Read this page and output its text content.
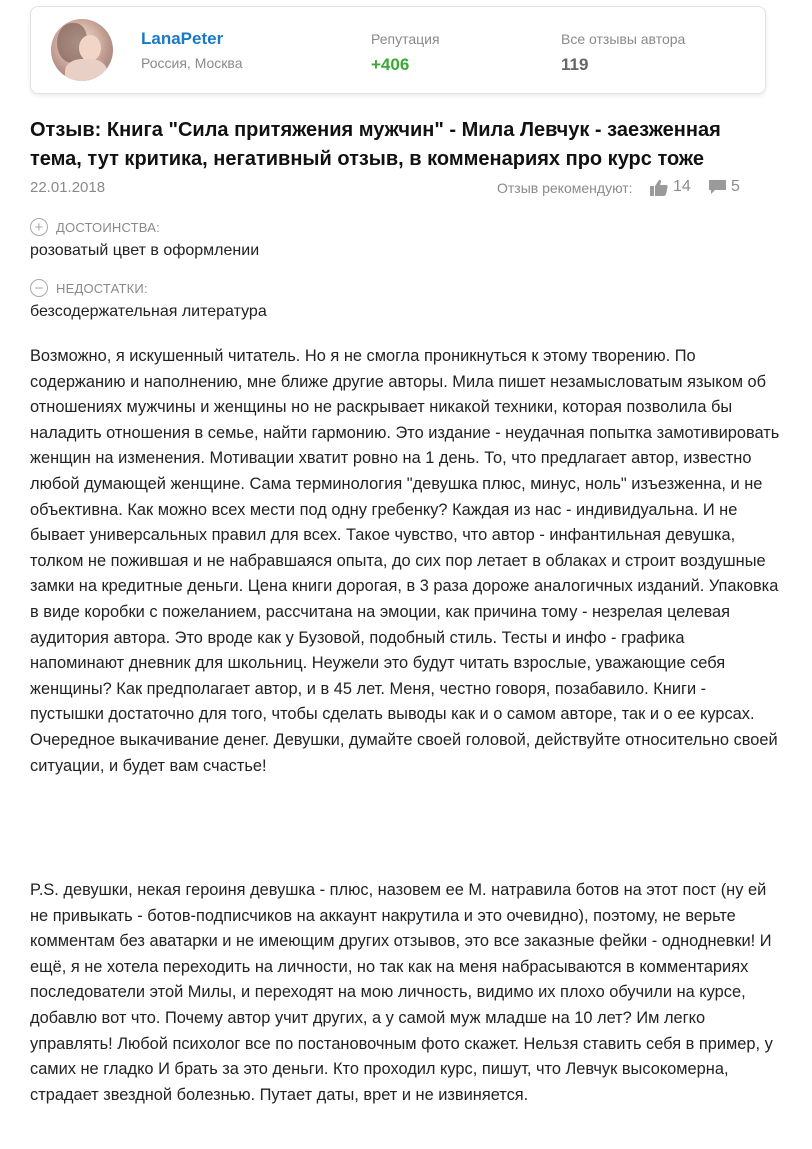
LanaPeter
Россия, Москва
Репутация
+406
Все отзывы автора
119
Отзыв: Книга "Сила притяжения мужчин" - Мила Левчук - заезженная тема, тут критика, негативный отзыв, в комменариях про курс тоже
22.01.2018	Отзыв рекомендуют:	14	5
+ ДОСТОИНСТВА:
розоватый цвет в оформлении
− НЕДОСТАТКИ:
безсодержательная литература

Возможно, я искушенный читатель. Но я не смогла проникнуться к этому творению. По содержанию и наполнению, мне ближе другие авторы. Мила пишет незамысловатым языком об отношениях мужчины и женщины но не раскрывает никакой техники, которая позволила бы наладить отношения в семье, найти гармонию. Это издание - неудачная попытка замотивировать женщин на изменения. Мотивации хватит ровно на 1 день. То, что предлагает автор, известно любой думающей женщине. Сама терминология "девушка плюс, минус, ноль" изъезженна, и не объективна. Как можно всех мести под одну гребенку? Каждая из нас - индивидуальна. И не бывает универсальных правил для всех. Такое чувство, что автор - инфантильная девушка, толком не пожившая и не набравшаяся опыта, до сих пор летает в облаках и строит воздушные замки на кредитные деньги. Цена книги дорогая, в 3 раза дороже аналогичных изданий. Упаковка в виде коробки с пожеланием, рассчитана на эмоции, как причина тому - незрелая целевая аудитория автора. Это вроде как у Бузовой, подобный стиль. Тесты и инфо - графика напоминают дневник для школьниц. Неужели это будут читать взрослые, уважающие себя женщины? Как предполагает автор, и в 45 лет. Меня, честно говоря, позабавило. Книги - пустышки достаточно для того, чтобы сделать выводы как и о самом авторе, так и о ее курсах. Очередное выкачивание денег. Девушки, думайте своей головой, действуйте относительно своей ситуации, и будет вам счастье!

P.S. девушки, некая героиня девушка - плюс, назовем ее М. натравила ботов на этот пост (ну ей не привыкать - ботов-подписчиков на аккаунт накрутила и это очевидно), поэтому, не верьте комментам без аватарки и не имеющим других отзывов, это все заказные фейки - однодневки! И ещё, я не хотела переходить на личности, но так как на меня набрасываются в комментариях последователи этой Милы, и переходят на мою личность, видимо их плохо обучили на курсе, добавлю вот что. Почему автор учит других, а у самой муж младше на 10 лет? Им легко управлять! Любой психолог все по постановочным фото скажет. Нельзя ставить себя в пример, у самих не гладко И брать за это деньги. Кто проходил курс, пишут, что Левчук высокомерна, страдает звездной болезнью. Путает даты, врет и не извиняется.
